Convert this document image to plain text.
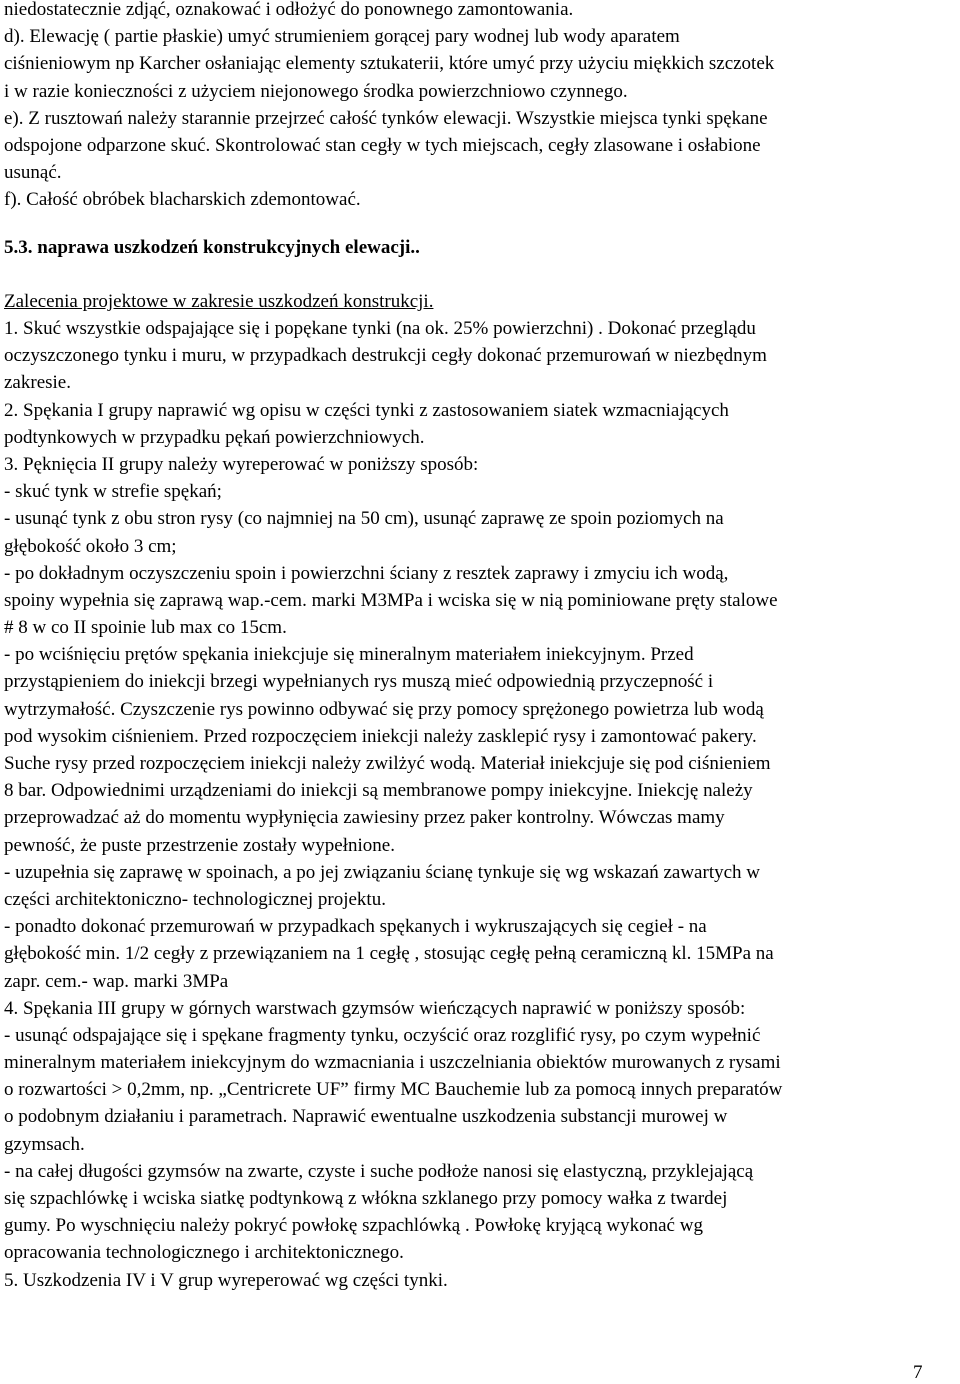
niedostatecznie zdjąć, oznakować i odłożyć do ponownego zamontowania.
d). Elewację ( partie płaskie) umyć strumieniem gorącej pary wodnej lub wody aparatem
ciśnieniowym np Karcher osłaniając elementy sztukaterii, które umyć przy użyciu miękkich szczotek
i w razie konieczności z użyciem niejonowego środka powierzchniowo czynnego.
e). Z rusztowań należy starannie przejrzeć całość tynków elewacji. Wszystkie miejsca tynki spękane
odspojone odparzone skuć. Skontrolować stan cegły w tych miejscach, cegły zlasowane i osłabione
usunąć.
f). Całość obróbek blacharskich zdemontować.
5.3. naprawa uszkodzeń konstrukcyjnych elewacji..
Zalecenia projektowe w zakresie uszkodzeń konstrukcji.
1. Skuć wszystkie odspajające się i popękane tynki (na ok. 25% powierzchni) . Dokonać przeglądu
oczyszczonego tynku i muru, w przypadkach destrukcji cegły dokonać przemurowań w niezbędnym
zakresie.
2. Spękania I grupy naprawić wg opisu w części tynki z zastosowaniem siatek wzmacniających
podtynkowych w przypadku pękań powierzchniowych.
3. Pęknięcia II grupy należy wyreperować w poniższy sposób:
- skuć tynk w strefie spękań;
- usunąć tynk z obu stron rysy (co najmniej na 50 cm), usunąć zaprawę ze spoin poziomych na
głębokość około 3 cm;
- po dokładnym oczyszczeniu spoin i powierzchni ściany z resztek zaprawy i zmyciu ich wodą,
spoiny wypełnia się zaprawą wap.-cem. marki M3MPa i wciska się w nią pominiowane pręty stalowe
# 8 w co II spoinie lub max co 15cm.
- po wciśnięciu prętów spękania iniekcjuje się mineralnym materiałem iniekcyjnym. Przed
przystąpieniem do iniekcji brzegi wypełnianych rys muszą mieć odpowiednią przyczepność i
wytrzymałość. Czyszczenie rys powinno odbywać się przy pomocy sprężonego powietrza lub wodą
pod wysokim ciśnieniem. Przed rozpoczęciem iniekcji należy zasklepić rysy i zamontować pakery.
Suche rysy przed rozpoczęciem iniekcji należy zwilżyć wodą. Materiał iniekcjuje się pod ciśnieniem
8 bar. Odpowiednimi urządzeniami do iniekcji są membranowe pompy iniekcyjne. Iniekcję należy
przeprowadzać aż do momentu wypłynięcia zawiesiny przez paker kontrolny. Wówczas mamy
pewność, że puste przestrzenie zostały wypełnione.
- uzupełnia się zaprawę w spoinach, a po jej związaniu ścianę tynkuje się wg wskazań zawartych w
części architektoniczno- technologicznej projektu.
- ponadto dokonać przemurowań w przypadkach spękanych i wykruszających się cegieł - na
głębokość min. 1/2 cegły z przewiązaniem na 1 cegłę , stosując cegłę pełną ceramiczną kl. 15MPa na
zapr. cem.- wap. marki 3MPa
4. Spękania III grupy w górnych warstwach gzymsów wieńczących naprawić w poniższy sposób:
- usunąć odspajające się i spękane fragmenty tynku, oczyścić oraz rozglifić rysy, po czym wypełnić
mineralnym materiałem iniekcyjnym do wzmacniania i uszczelniania obiektów murowanych z rysami
o rozwartości > 0,2mm, np. „Centricrete UF” firmy MC Bauchemie lub za pomocą innych preparatów
o podobnym działaniu i parametrach. Naprawić ewentualne uszkodzenia substancji murowej w
gzymsach.
- na całej długości gzymsów na zwarte, czyste i suche podłoże nanosi się elastyczną, przyklejającą
się szpachlówkę i wciska siatkę podtynkową z włókna szklanego przy pomocy wałka z twardej
gumy. Po wyschnięciu należy pokryć powłokę szpachlówką . Powłokę kryjącą wykonać wg
opracowania technologicznego i architektonicznego.
5. Uszkodzenia IV i V grup wyreperować wg części tynki.
7
